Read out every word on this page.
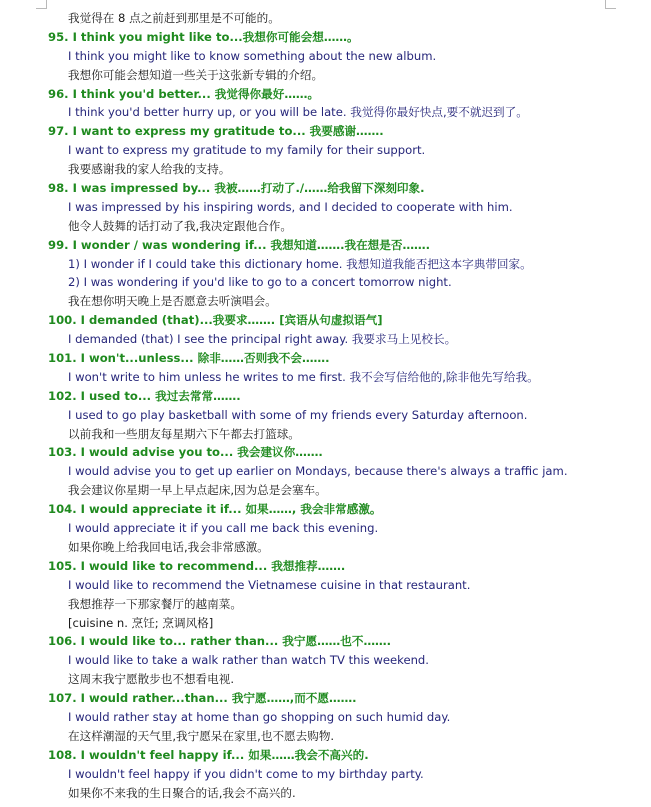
我觉得在 8 点之前赶到那里是不可能的。
95. I think you might like to...我想你可能会想……。
I think you might like to know something about the new album.
我想你可能会想知道一些关于这张新专辑的介绍。
96. I think you'd better... 我觉得你最好……。
I think you'd better hurry up, or you will be late. 我觉得你最好快点,要不就迟到了。
97. I want to express my gratitude to... 我要感谢…….
I want to express my gratitude to my family for their support.
我要感谢我的家人给我的支持。
98. I was impressed by... 我被……打动了./……给我留下深刻印象.
I was impressed by his inspiring words, and I decided to cooperate with him.
他令人鼓舞的话打动了我,我决定跟他合作。
99. I wonder / was wondering if... 我想知道…….我在想是否…….
1) I wonder if I could take this dictionary home. 我想知道我能否把这本字典带回家。
2) I was wondering if you'd like to go to a concert tomorrow night.
我在想你明天晚上是否愿意去听演唱会。
100. I demanded (that)...我要求……. [宾语从句虚拟语气]
I demanded (that) I see the principal right away. 我要求马上见校长。
101. I won't...unless... 除非……否则我不会…….
I won't write to him unless he writes to me first. 我不会写信给他的,除非他先写给我。
102. I used to... 我过去常常…….
I used to go play basketball with some of my friends every Saturday afternoon.
以前我和一些朋友每星期六下午都去打篮球。
103. I would advise you to... 我会建议你…….
I would advise you to get up earlier on Mondays, because there's always a traffic jam.
我会建议你星期一早上早点起床,因为总是会塞车。
104. I would appreciate it if... 如果……, 我会非常感激。
I would appreciate it if you call me back this evening.
如果你晚上给我回电话,我会非常感激。
105. I would like to recommend... 我想推荐…….
I would like to recommend the Vietnamese cuisine in that restaurant.
我想推荐一下那家餐厅的越南菜。
[cuisine n. 烹饪; 烹调风格]
106. I would like to... rather than... 我宁愿……也不…….
I would like to take a walk rather than watch TV this weekend.
这周末我宁愿散步也不想看电视.
107. I would rather...than... 我宁愿……,而不愿…….
I would rather stay at home than go shopping on such humid day.
在这样潮湿的天气里,我宁愿呆在家里,也不愿去购物.
108. I wouldn't feel happy if... 如果……我会不高兴的.
I wouldn't feel happy if you didn't come to my birthday party.
如果你不来我的生日聚合的话,我会不高兴的.
